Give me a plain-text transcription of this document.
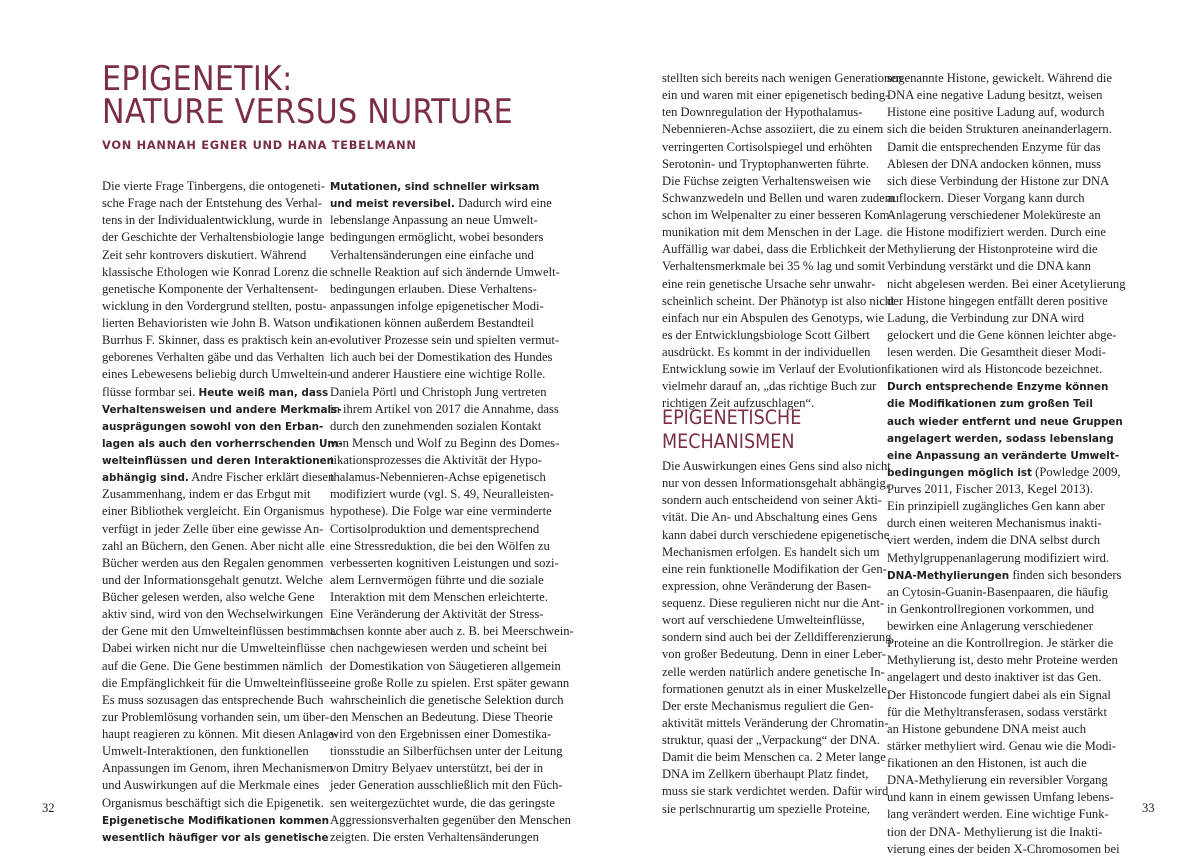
EPIGENETIK:
NATURE VERSUS NURTURE
VON HANNAH EGNER UND HANA TEBELMANN
Die vierte Frage Tinbergens, die ontogeneti-
sche Frage nach der Entstehung des Verhal-
tens in der Individualentwicklung, wurde in
der Geschichte der Verhaltensbiologie lange
Zeit sehr kontrovers diskutiert. Während
klassische Ethologen wie Konrad Lorenz die
genetische Komponente der Verhaltensent-
wicklung in den Vordergrund stellten, postu-
lierten Behavioristen wie John B. Watson und
Burrhus F. Skinner, dass es praktisch kein an-
geborenes Verhalten gäbe und das Verhalten
eines Lebewesens beliebig durch Umweltein-
flüsse formbar sei. Heute weiß man, dass
Verhaltensweisen und andere Merkmals-
ausprägungen sowohl von den Erban-
lagen als auch den vorherrschenden Um-
welteinflüssen und deren Interaktionen
abhängig sind. Andre Fischer erklärt diesen
Zusammenhang, indem er das Erbgut mit
einer Bibliothek vergleicht. Ein Organismus
verfügt in jeder Zelle über eine gewisse An-
zahl an Büchern, den Genen. Aber nicht alle
Bücher werden aus den Regalen genommen
und der Informationsgehalt genutzt. Welche
Bücher gelesen werden, also welche Gene
aktiv sind, wird von den Wechselwirkungen
der Gene mit den Umwelteinflüssen bestimmt.
Dabei wirken nicht nur die Umwelteinflüsse
auf die Gene. Die Gene bestimmen nämlich
die Empfänglichkeit für die Umwelteinflüsse.
Es muss sozusagen das entsprechende Buch
zur Problemlösung vorhanden sein, um über-
haupt reagieren zu können. Mit diesen Anlage-
Umwelt-Interaktionen, den funktionellen
Anpassungen im Genom, ihren Mechanismen
und Auswirkungen auf die Merkmale eines
Organismus beschäftigt sich die Epigenetik.
Epigenetische Modifikationen kommen
wesentlich häufiger vor als genetische
Mutationen, sind schneller wirksam
und meist reversibel. Dadurch wird eine
lebenslange Anpassung an neue Umwelt-
bedingungen ermöglicht, wobei besonders
Verhaltensänderungen eine einfache und
schnelle Reaktion auf sich ändernde Umwelt-
bedingungen erlauben. Diese Verhaltens-
anpassungen infolge epigenetischer Modi-
fikationen können außerdem Bestandteil
evolutiver Prozesse sein und spielten vermut-
lich auch bei der Domestikation des Hundes
und anderer Haustiere eine wichtige Rolle.
Daniela Pörtl und Christoph Jung vertreten
in ihrem Artikel von 2017 die Annahme, dass
durch den zunehmenden sozialen Kontakt
von Mensch und Wolf zu Beginn des Domes-
tikationsprozesses die Aktivität der Hypo-
thalamus-Nebennieren-Achse epigenetisch
modifiziert wurde (vgl. S. 49, Neuralleisten-
hypothese). Die Folge war eine verminderte
Cortisolproduktion und dementsprechend
eine Stressreduktion, die bei den Wölfen zu
verbesserten kognitiven Leistungen und sozi-
alem Lernvermögen führte und die soziale
Interaktion mit dem Menschen erleichterte.
Eine Veränderung der Aktivität der Stress-
achsen konnte aber auch z. B. bei Meerschwein-
chen nachgewiesen werden und scheint bei
der Domestikation von Säugetieren allgemein
eine große Rolle zu spielen. Erst später gewann
wahrscheinlich die genetische Selektion durch
den Menschen an Bedeutung. Diese Theorie
wird von den Ergebnissen einer Domestika-
tionsstudie an Silberfüchsen unter der Leitung
von Dmitry Belyaev unterstützt, bei der in
jeder Generation ausschließlich mit den Füch-
sen weitergezüchtet wurde, die das geringste
Aggressionsverhalten gegenüber den Menschen
zeigten. Die ersten Verhaltensänderungen
stellten sich bereits nach wenigen Generationen
ein und waren mit einer epigenetisch beding-
ten Downregulation der Hypothalamus-
Nebennieren-Achse assoziiert, die zu einem
verringerten Cortisolspiegel und erhöhten
Serotonin- und Tryptophanwerten führte.
Die Füchse zeigten Verhaltensweisen wie
Schwanzwedeln und Bellen und waren zudem
schon im Welpenalter zu einer besseren Kom-
munikation mit dem Menschen in der Lage.
Auffällig war dabei, dass die Erblichkeit der
Verhaltensmerkmale bei 35 % lag und somit
eine rein genetische Ursache sehr unwahr-
scheinlich scheint. Der Phänotyp ist also nicht
einfach nur ein Abspulen des Genotyps, wie
es der Entwicklungsbiologe Scott Gilbert
ausdrückt. Es kommt in der individuellen
Entwicklung sowie im Verlauf der Evolution
vielmehr darauf an, „das richtige Buch zur
richtigen Zeit aufzuschlagen“.
EPIGENETISCHE
MECHANISMEN
Die Auswirkungen eines Gens sind also nicht
nur von dessen Informationsgehalt abhängig,
sondern auch entscheidend von seiner Akti-
vität. Die An- und Abschaltung eines Gens
kann dabei durch verschiedene epigenetische
Mechanismen erfolgen. Es handelt sich um
eine rein funktionelle Modifikation der Gen-
expression, ohne Veränderung der Basen-
sequenz. Diese regulieren nicht nur die Ant-
wort auf verschiedene Umwelteinflüsse,
sondern sind auch bei der Zelldifferenzierung
von großer Bedeutung. Denn in einer Leber-
zelle werden natürlich andere genetische In-
formationen genutzt als in einer Muskelzelle.
Der erste Mechanismus reguliert die Gen-
aktivität mittels Veränderung der Chromatin-
struktur, quasi der „Verpackung“ der DNA.
Damit die beim Menschen ca. 2 Meter lange
DNA im Zellkern überhaupt Platz findet,
muss sie stark verdichtet werden. Dafür wird
sie perlschnurartig um spezielle Proteine,
sogenannte Histone, gewickelt. Während die
DNA eine negative Ladung besitzt, weisen
Histone eine positive Ladung auf, wodurch
sich die beiden Strukturen aneinanderlagern.
Damit die entsprechenden Enzyme für das
Ablesen der DNA andocken können, muss
sich diese Verbindung der Histone zur DNA
auflockern. Dieser Vorgang kann durch
Anlagerung verschiedener Moleküreste an
die Histone modifiziert werden. Durch eine
Methylierung der Histonproteine wird die
Verbindung verstärkt und die DNA kann
nicht abgelesen werden. Bei einer Acetylierung
der Histone hingegen entfällt deren positive
Ladung, die Verbindung zur DNA wird
gelockert und die Gene können leichter abge-
lesen werden. Die Gesamtheit dieser Modi-
fikationen wird als Histoncode bezeichnet.
Durch entsprechende Enzyme können
die Modifikationen zum großen Teil
auch wieder entfernt und neue Gruppen
angelagert werden, sodass lebenslang
eine Anpassung an veränderte Umwelt-
bedingungen möglich ist (Powledge 2009,
Purves 2011, Fischer 2013, Kegel 2013).
Ein prinzipiell zugängliches Gen kann aber
durch einen weiteren Mechanismus inakti-
viert werden, indem die DNA selbst durch
Methylgruppenanlagerung modifiziert wird.
DNA-Methylierungen finden sich besonders
an Cytosin-Guanin-Basenpaaren, die häufig
in Genkontrollregionen vorkommen, und
bewirken eine Anlagerung verschiedener
Proteine an die Kontrollregion. Je stärker die
Methylierung ist, desto mehr Proteine werden
angelagert und desto inaktiver ist das Gen.
Der Histoncode fungiert dabei als ein Signal
für die Methyltransferasen, sodass verstärkt
an Histone gebundene DNA meist auch
stärker methyliert wird. Genau wie die Modi-
fikationen an den Histonen, ist auch die
DNA-Methylierung ein reversibler Vorgang
und kann in einem gewissen Umfang lebens-
lang verändert werden. Eine wichtige Funk-
tion der DNA- Methylierung ist die Inakti-
vierung eines der beiden X-Chromosomen bei
32	33
